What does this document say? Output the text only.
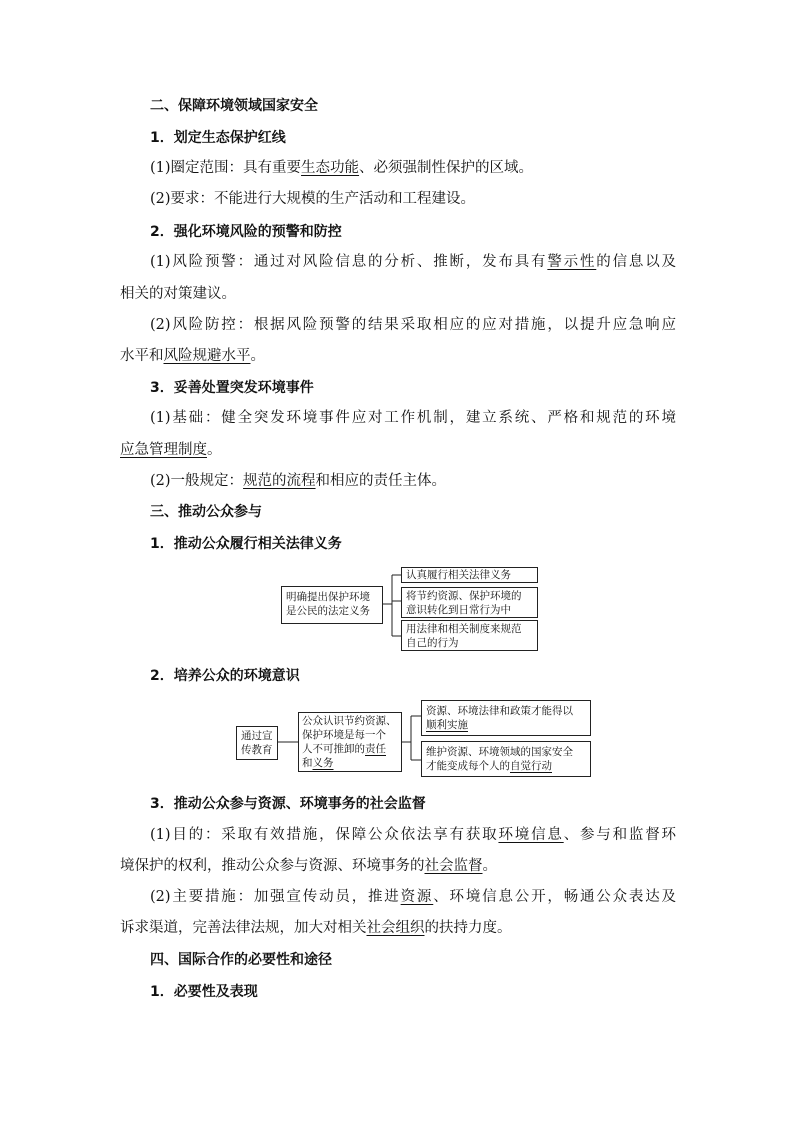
二、保障环境领域国家安全
1．划定生态保护红线
(1)圈定范围：具有重要生态功能、必须强制性保护的区域。
(2)要求：不能进行大规模的生产活动和工程建设。
2．强化环境风险的预警和防控
(1)风险预警：通过对风险信息的分析、推断，发布具有警示性的信息以及
相关的对策建议。
(2)风险防控：根据风险预警的结果采取相应的应对措施，以提升应急响应
水平和风险规避水平。
3．妥善处置突发环境事件
(1)基础：健全突发环境事件应对工作机制，建立系统、严格和规范的环境
应急管理制度。
(2)一般规定：规范的流程和相应的责任主体。
三、推动公众参与
1．推动公众履行相关法律义务
明确提出保护环境
是公民的法定义务
认真履行相关法律义务
将节约资源、保护环境的
意识转化到日常行为中
用法律和相关制度来规范
自己的行为
2．培养公众的环境意识
通过宣
传教育
公众认识节约资源、
保护环境是每一个
人不可推卸的责任
和义务
资源、环境法律和政策才能得以
顺利实施
维护资源、环境领域的国家安全
才能变成每个人的自觉行动
3．推动公众参与资源、环境事务的社会监督
(1)目的：采取有效措施，保障公众依法享有获取环境信息、参与和监督环
境保护的权利，推动公众参与资源、环境事务的社会监督。
(2)主要措施：加强宣传动员，推进资源、环境信息公开，畅通公众表达及
诉求渠道，完善法律法规，加大对相关社会组织的扶持力度。
四、国际合作的必要性和途径
1．必要性及表现
